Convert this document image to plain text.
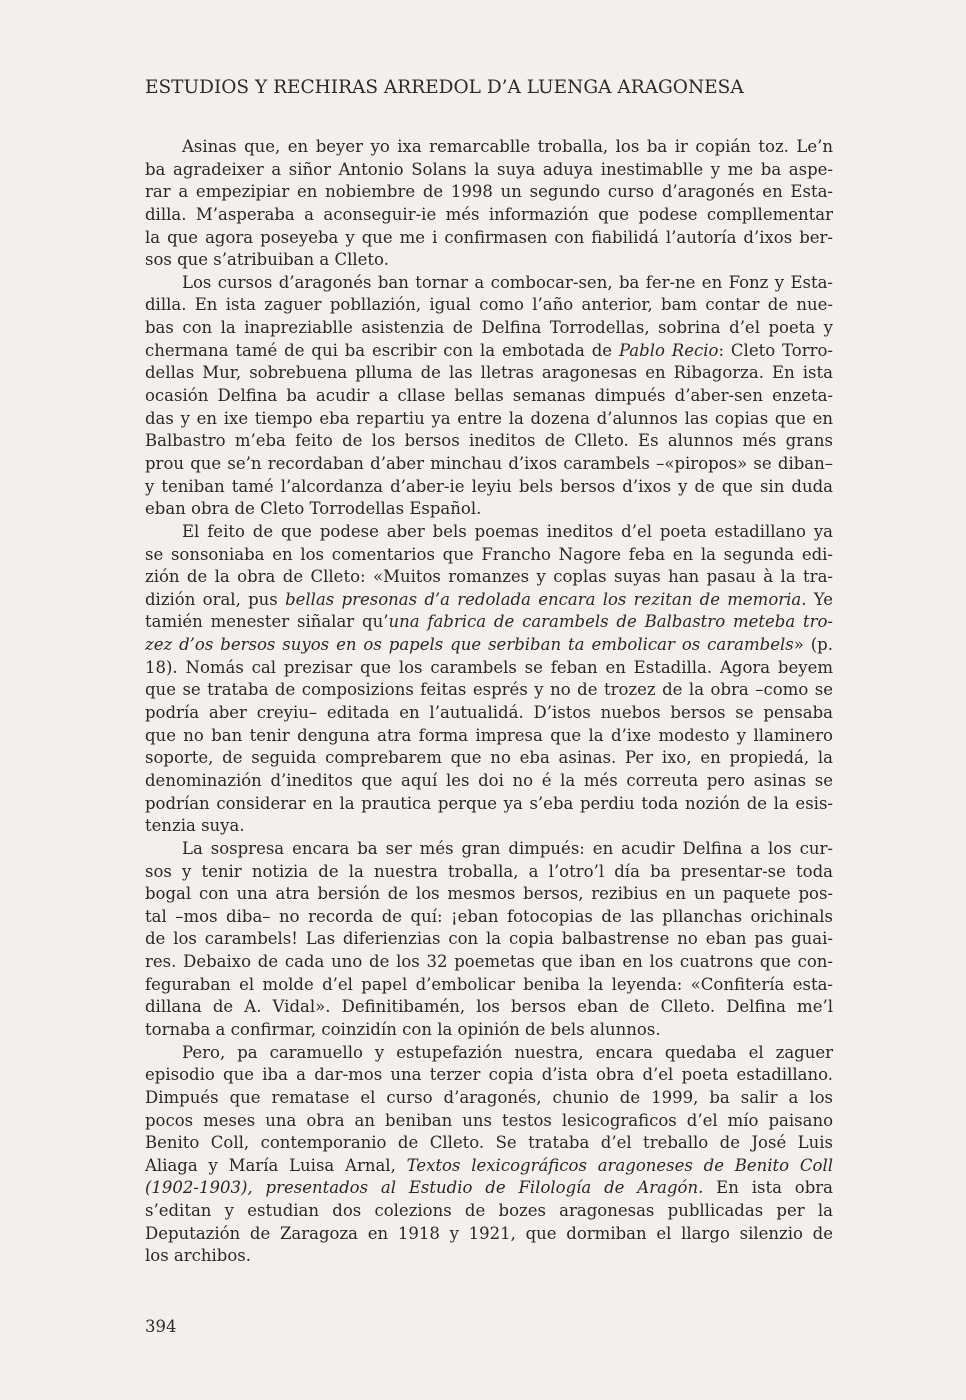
ESTUDIOS Y RECHIRAS ARREDOL D’A LUENGA ARAGONESA
Asinas que, en beyer yo ixa remarcablle troballa, los ba ir copián toz. Le’n
ba agradeixer a siñor Antonio Solans la suya aduya inestimablle y me ba aspe-
rar a empezipiar en nobiembre de 1998 un segundo curso d’aragonés en Esta-
dilla. M’asperaba a aconseguir-ie més informazión que podese compllementar
la que agora poseyeba y que me i confirmasen con fiabilidá l’autoría d’ixos ber-
sos que s’atribuiban a Clleto.
Los cursos d’aragonés ban tornar a combocar-sen, ba fer-ne en Fonz y Esta-
dilla. En ista zaguer pobllazión, igual como l’año anterior, bam contar de nue-
bas con la inapreziablle asistenzia de Delfina Torrodellas, sobrina d’el poeta y
chermana tamé de qui ba escribir con la embotada de Pablo Recio: Cleto Torro-
dellas Mur, sobrebuena plluma de las lletras aragonesas en Ribagorza. En ista
ocasión Delfina ba acudir a cllase bellas semanas dimpués d’aber-sen enzeta-
das y en ixe tiempo eba repartiu ya entre la dozena d’alunnos las copias que en
Balbastro m’eba feito de los bersos ineditos de Clleto. Es alunnos més grans
prou que se’n recordaban d’aber minchau d’ixos carambels –«piropos» se diban–
y teniban tamé l’alcordanza d’aber-ie leyiu bels bersos d’ixos y de que sin duda
eban obra de Cleto Torrodellas Español.
El feito de que podese aber bels poemas ineditos d’el poeta estadillano ya
se sonsoniaba en los comentarios que Francho Nagore feba en la segunda edi-
zión de la obra de Clleto: «Muitos romanzes y coplas suyas han pasau à la tra-
dizión oral, pus bellas presonas d’a redolada encara los rezitan de memoria. Ye
tamién menester siñalar qu’una fabrica de carambels de Balbastro meteba tro-
zez d’os bersos suyos en os papels que serbiban ta embolicar os carambels» (p.
18). Nomás cal prezisar que los carambels se feban en Estadilla. Agora beyem
que se trataba de composizions feitas esprés y no de trozez de la obra –como se
podría aber creyiu– editada en l’autualidá. D’istos nuebos bersos se pensaba
que no ban tenir denguna atra forma impresa que la d’ixe modesto y llaminero
soporte, de seguida comprebarem que no eba asinas. Per ixo, en propiedá, la
denominazión d’ineditos que aquí les doi no é la més correuta pero asinas se
podrían considerar en la prautica perque ya s’eba perdiu toda nozión de la esis-
tenzia suya.
La sospresa encara ba ser més gran dimpués: en acudir Delfina a los cur-
sos y tenir notizia de la nuestra troballa, a l’otro’l día ba presentar-se toda
bogal con una atra bersión de los mesmos bersos, rezibius en un paquete pos-
tal –mos diba– no recorda de quí: ¡eban fotocopias de las pllanchas orichinals
de los carambels! Las diferienzias con la copia balbastrense no eban pas guai-
res. Debaixo de cada uno de los 32 poemetas que iban en los cuatrons que con-
feguraban el molde d’el papel d’embolicar beniba la leyenda: «Confitería esta-
dillana de A. Vidal». Definitibamén, los bersos eban de Clleto. Delfina me’l
tornaba a confirmar, coinzidín con la opinión de bels alunnos.
Pero, pa caramuello y estupefazión nuestra, encara quedaba el zaguer
episodio que iba a dar-mos una terzer copia d’ista obra d’el poeta estadillano.
Dimpués que rematase el curso d’aragonés, chunio de 1999, ba salir a los
pocos meses una obra an beniban uns testos lesicograficos d’el mío paisano
Benito Coll, contemporanio de Clleto. Se trataba d’el treballo de José Luis
Aliaga y María Luisa Arnal, Textos lexicográficos aragoneses de Benito Coll
(1902-1903), presentados al Estudio de Filología de Aragón. En ista obra
s’editan y estudian dos colezions de bozes aragonesas publlicadas per la
Deputazión de Zaragoza en 1918 y 1921, que dormiban el llargo silenzio de
los archibos.
394
